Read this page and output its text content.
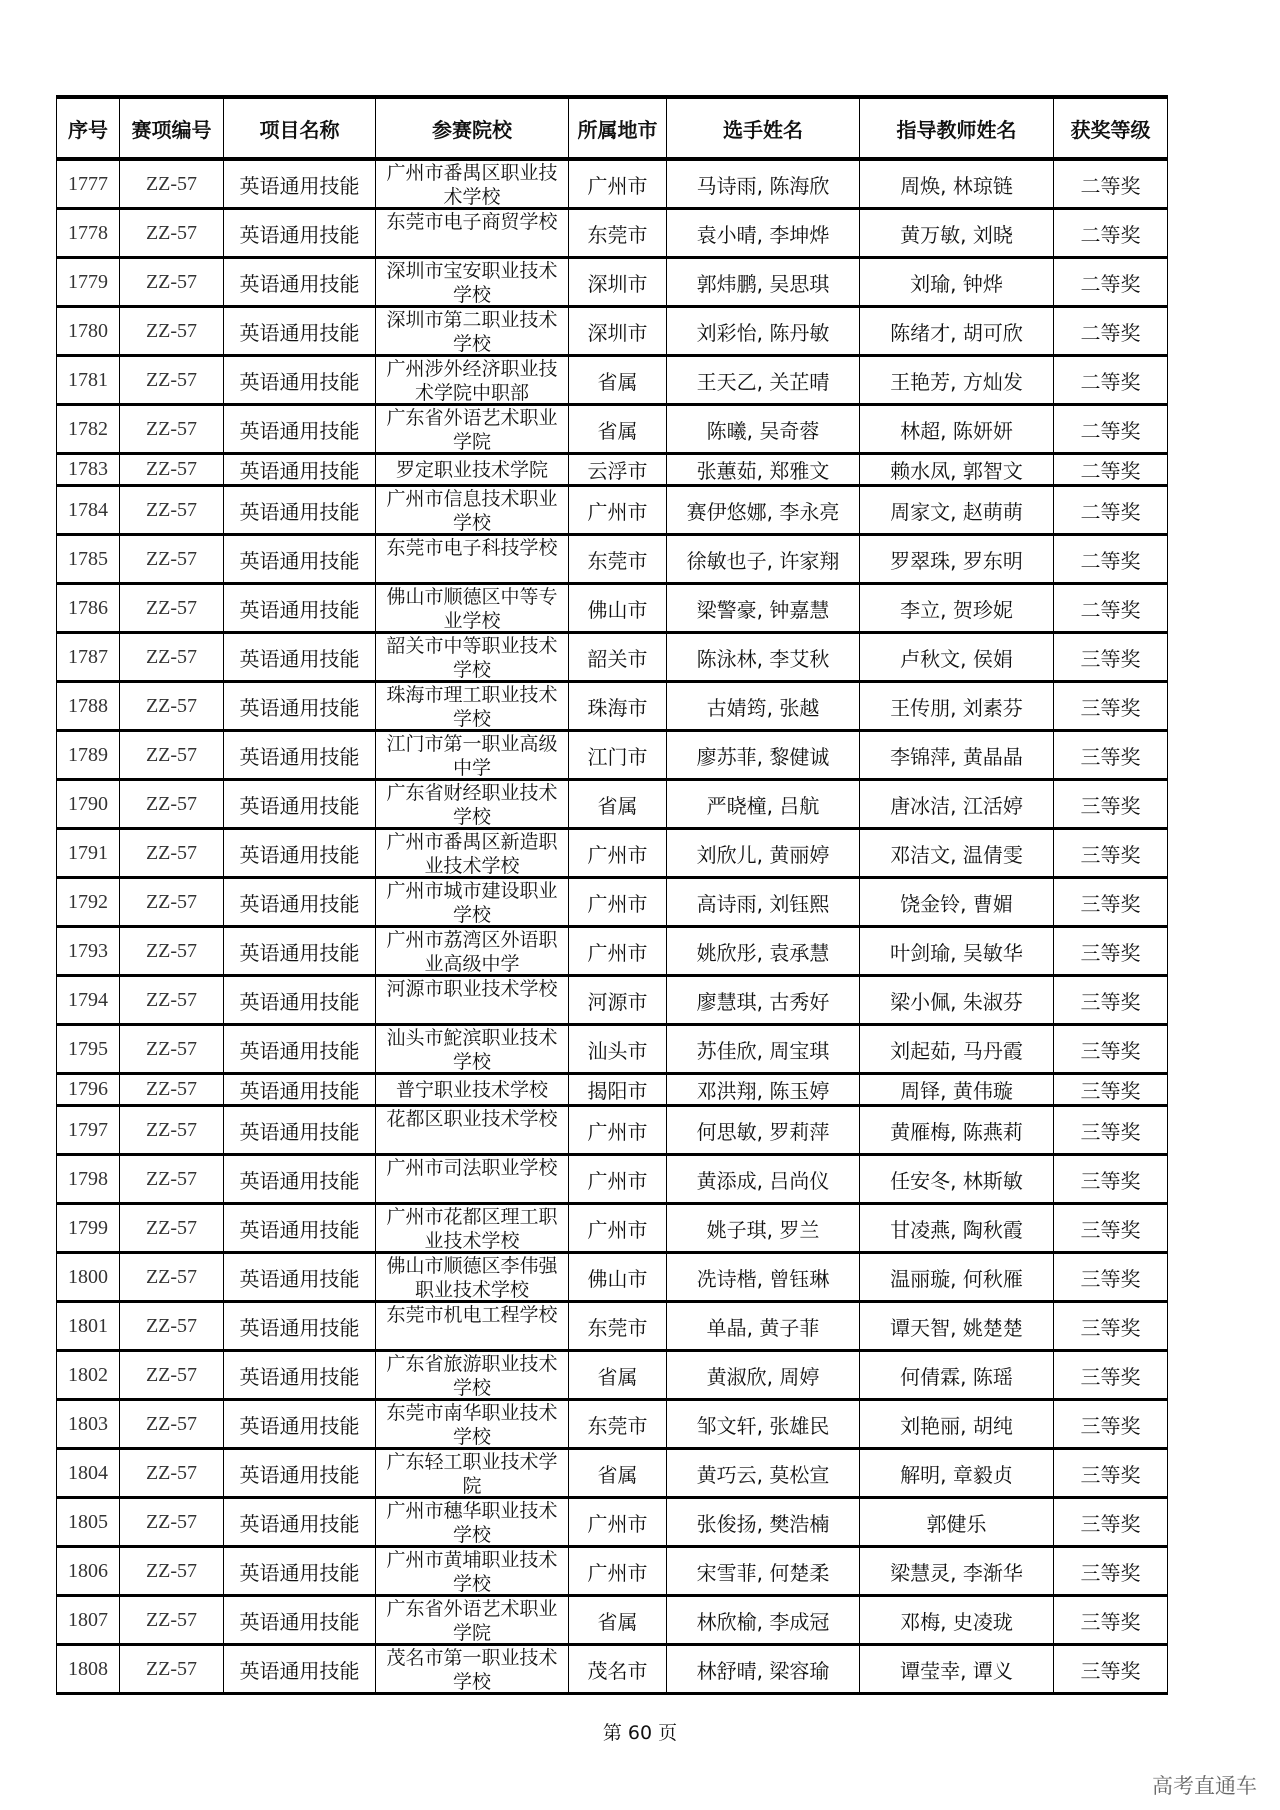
序号	赛项编号	项目名称	参赛院校	所属地市	选手姓名	指导教师姓名	获奖等级
1777	ZZ-57	英语通用技能	广州市番禺区职业技术学校	广州市	马诗雨, 陈海欣	周焕, 林琼链	二等奖
1778	ZZ-57	英语通用技能	东莞市电子商贸学校	东莞市	袁小晴, 李坤烨	黄万敏, 刘晓	二等奖
1779	ZZ-57	英语通用技能	深圳市宝安职业技术学校	深圳市	郭炜鹏, 吴思琪	刘瑜, 钟烨	二等奖
1780	ZZ-57	英语通用技能	深圳市第二职业技术学校	深圳市	刘彩怡, 陈丹敏	陈绪才, 胡可欣	二等奖
1781	ZZ-57	英语通用技能	广州涉外经济职业技术学院中职部	省属	王天乙, 关芷晴	王艳芳, 方灿发	二等奖
1782	ZZ-57	英语通用技能	广东省外语艺术职业学院	省属	陈曦, 吴奇蓉	林超, 陈妍妍	二等奖
1783	ZZ-57	英语通用技能	罗定职业技术学院	云浮市	张蕙茹, 郑雅文	赖水凤, 郭智文	二等奖
1784	ZZ-57	英语通用技能	广州市信息技术职业学校	广州市	赛伊悠娜, 李永亮	周家文, 赵萌萌	二等奖
1785	ZZ-57	英语通用技能	东莞市电子科技学校	东莞市	徐敏也子, 许家翔	罗翠珠, 罗东明	二等奖
1786	ZZ-57	英语通用技能	佛山市顺德区中等专业学校	佛山市	梁警豪, 钟嘉慧	李立, 贺珍妮	二等奖
1787	ZZ-57	英语通用技能	韶关市中等职业技术学校	韶关市	陈泳林, 李艾秋	卢秋文, 侯娟	三等奖
1788	ZZ-57	英语通用技能	珠海市理工职业技术学校	珠海市	古婧筠, 张越	王传朋, 刘素芬	三等奖
1789	ZZ-57	英语通用技能	江门市第一职业高级中学	江门市	廖苏菲, 黎健诚	李锦萍, 黄晶晶	三等奖
1790	ZZ-57	英语通用技能	广东省财经职业技术学校	省属	严晓橦, 吕航	唐冰洁, 江活婷	三等奖
1791	ZZ-57	英语通用技能	广州市番禺区新造职业技术学校	广州市	刘欣儿, 黄丽婷	邓洁文, 温倩雯	三等奖
1792	ZZ-57	英语通用技能	广州市城市建设职业学校	广州市	高诗雨, 刘钰熙	饶金铃, 曹媚	三等奖
1793	ZZ-57	英语通用技能	广州市荔湾区外语职业高级中学	广州市	姚欣彤, 袁承慧	叶剑瑜, 吴敏华	三等奖
1794	ZZ-57	英语通用技能	河源市职业技术学校	河源市	廖慧琪, 古秀好	梁小佩, 朱淑芬	三等奖
1795	ZZ-57	英语通用技能	汕头市鮀滨职业技术学校	汕头市	苏佳欣, 周宝琪	刘起茹, 马丹霞	三等奖
1796	ZZ-57	英语通用技能	普宁职业技术学校	揭阳市	邓洪翔, 陈玉婷	周铎, 黄伟璇	三等奖
1797	ZZ-57	英语通用技能	花都区职业技术学校	广州市	何思敏, 罗莉萍	黄雁梅, 陈燕莉	三等奖
1798	ZZ-57	英语通用技能	广州市司法职业学校	广州市	黄添成, 吕尚仪	任安冬, 林斯敏	三等奖
1799	ZZ-57	英语通用技能	广州市花都区理工职业技术学校	广州市	姚子琪, 罗兰	甘凌燕, 陶秋霞	三等奖
1800	ZZ-57	英语通用技能	佛山市顺德区李伟强职业技术学校	佛山市	冼诗楷, 曾钰琳	温丽璇, 何秋雁	三等奖
1801	ZZ-57	英语通用技能	东莞市机电工程学校	东莞市	单晶, 黄子菲	谭天智, 姚楚楚	三等奖
1802	ZZ-57	英语通用技能	广东省旅游职业技术学校	省属	黄淑欣, 周婷	何倩霖, 陈瑶	三等奖
1803	ZZ-57	英语通用技能	东莞市南华职业技术学校	东莞市	邹文轩, 张雄民	刘艳丽, 胡纯	三等奖
1804	ZZ-57	英语通用技能	广东轻工职业技术学院	省属	黄巧云, 莫松宣	解明, 章毅贞	三等奖
1805	ZZ-57	英语通用技能	广州市穗华职业技术学校	广州市	张俊扬, 樊浩楠	郭健乐	三等奖
1806	ZZ-57	英语通用技能	广州市黄埔职业技术学校	广州市	宋雪菲, 何楚柔	梁慧灵, 李渐华	三等奖
1807	ZZ-57	英语通用技能	广东省外语艺术职业学院	省属	林欣榆, 李成冠	邓梅, 史凌珑	三等奖
1808	ZZ-57	英语通用技能	茂名市第一职业技术学校	茂名市	林舒晴, 梁容瑜	谭莹幸, 谭义	三等奖
第 60 页
高考直通车
